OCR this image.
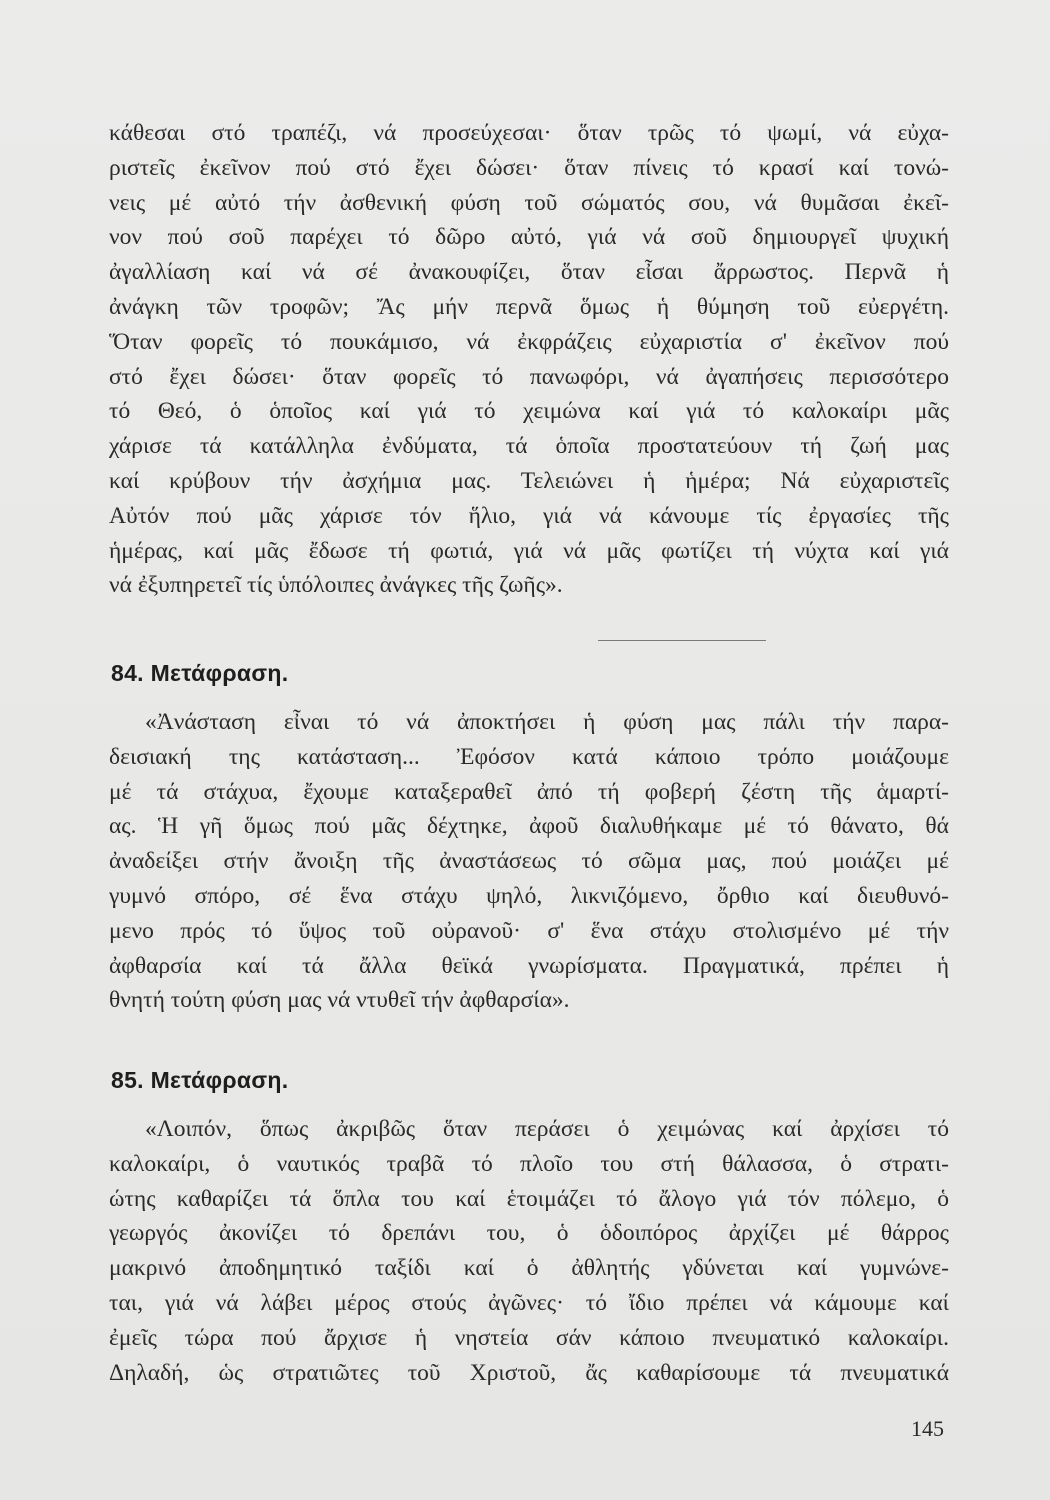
κάθεσαι στό τραπέζι, νά προσεύχεσαι· ὅταν τρῶς τό ψωμί, νά εὐχα-
ριστεῖς ἐκεῖνον πού στό ἔχει δώσει· ὅταν πίνεις τό κρασί καί τονώ-
νεις μέ αὐτό τήν ἀσθενική φύση τοῦ σώματός σου, νά θυμᾶσαι ἐκεῖ-
νον πού σοῦ παρέχει τό δῶρο αὐτό, γιά νά σοῦ δημιουργεῖ ψυχική
ἀγαλλίαση καί νά σέ ἀνακουφίζει, ὅταν εἶσαι ἄρρωστος. Περνᾶ ἡ
ἀνάγκη τῶν τροφῶν; Ἄς μήν περνᾶ ὅμως ἡ θύμηση τοῦ εὐεργέτη.
Ὅταν φορεῖς τό πουκάμισο, νά ἐκφράζεις εὐχαριστία σ' ἐκεῖνον πού
στό ἔχει δώσει· ὅταν φορεῖς τό πανωφόρι, νά ἀγαπήσεις περισσότερο
τό Θεό, ὁ ὁποῖος καί γιά τό χειμώνα καί γιά τό καλοκαίρι μᾶς
χάρισε τά κατάλληλα ἐνδύματα, τά ὁποῖα προστατεύουν τή ζωή μας
καί κρύβουν τήν ἀσχήμια μας. Τελειώνει ἡ ἡμέρα; Νά εὐχαριστεῖς
Αὐτόν πού μᾶς χάρισε τόν ἥλιο, γιά νά κάνουμε τίς ἐργασίες τῆς
ἡμέρας, καί μᾶς ἔδωσε τή φωτιά, γιά νά μᾶς φωτίζει τή νύχτα καί γιά
νά ἐξυπηρετεῖ τίς ὑπόλοιπες ἀνάγκες τῆς ζωῆς».
84. Μετάφραση.
«Ἀνάσταση εἶναι τό νά ἀποκτήσει ἡ φύση μας πάλι τήν παρα-
δεισιακή της κατάσταση... Ἐφόσον κατά κάποιο τρόπο μοιάζουμε
μέ τά στάχυα, ἔχουμε καταξεραθεῖ ἀπό τή φοβερή ζέστη τῆς ἁμαρτί-
ας. Ἡ γῆ ὅμως πού μᾶς δέχτηκε, ἀφοῦ διαλυθήκαμε μέ τό θάνατο, θά
ἀναδείξει στήν ἄνοιξη τῆς ἀναστάσεως τό σῶμα μας, πού μοιάζει μέ
γυμνό σπόρο, σέ ἕνα στάχυ ψηλό, λικνιζόμενο, ὄρθιο καί διευθυνό-
μενο πρός τό ὕψος τοῦ οὐρανοῦ· σ' ἕνα στάχυ στολισμένο μέ τήν
ἀφθαρσία καί τά ἄλλα θεϊκά γνωρίσματα. Πραγματικά, πρέπει ἡ
θνητή τούτη φύση μας νά ντυθεῖ τήν ἀφθαρσία».
85. Μετάφραση.
«Λοιπόν, ὅπως ἀκριβῶς ὅταν περάσει ὁ χειμώνας καί ἀρχίσει τό
καλοκαίρι, ὁ ναυτικός τραβᾶ τό πλοῖο του στή θάλασσα, ὁ στρατι-
ώτης καθαρίζει τά ὅπλα του καί ἑτοιμάζει τό ἄλογο γιά τόν πόλεμο, ὁ
γεωργός ἀκονίζει τό δρεπάνι του, ὁ ὁδοιπόρος ἀρχίζει μέ θάρρος
μακρινό ἀποδημητικό ταξίδι καί ὁ ἀθλητής γδύνεται καί γυμνώνε-
ται, γιά νά λάβει μέρος στούς ἀγῶνες· τό ἴδιο πρέπει νά κάμουμε καί
ἐμεῖς τώρα πού ἄρχισε ἡ νηστεία σάν κάποιο πνευματικό καλοκαίρι.
Δηλαδή, ὡς στρατιῶτες τοῦ Χριστοῦ, ἄς καθαρίσουμε τά πνευματικά
145
